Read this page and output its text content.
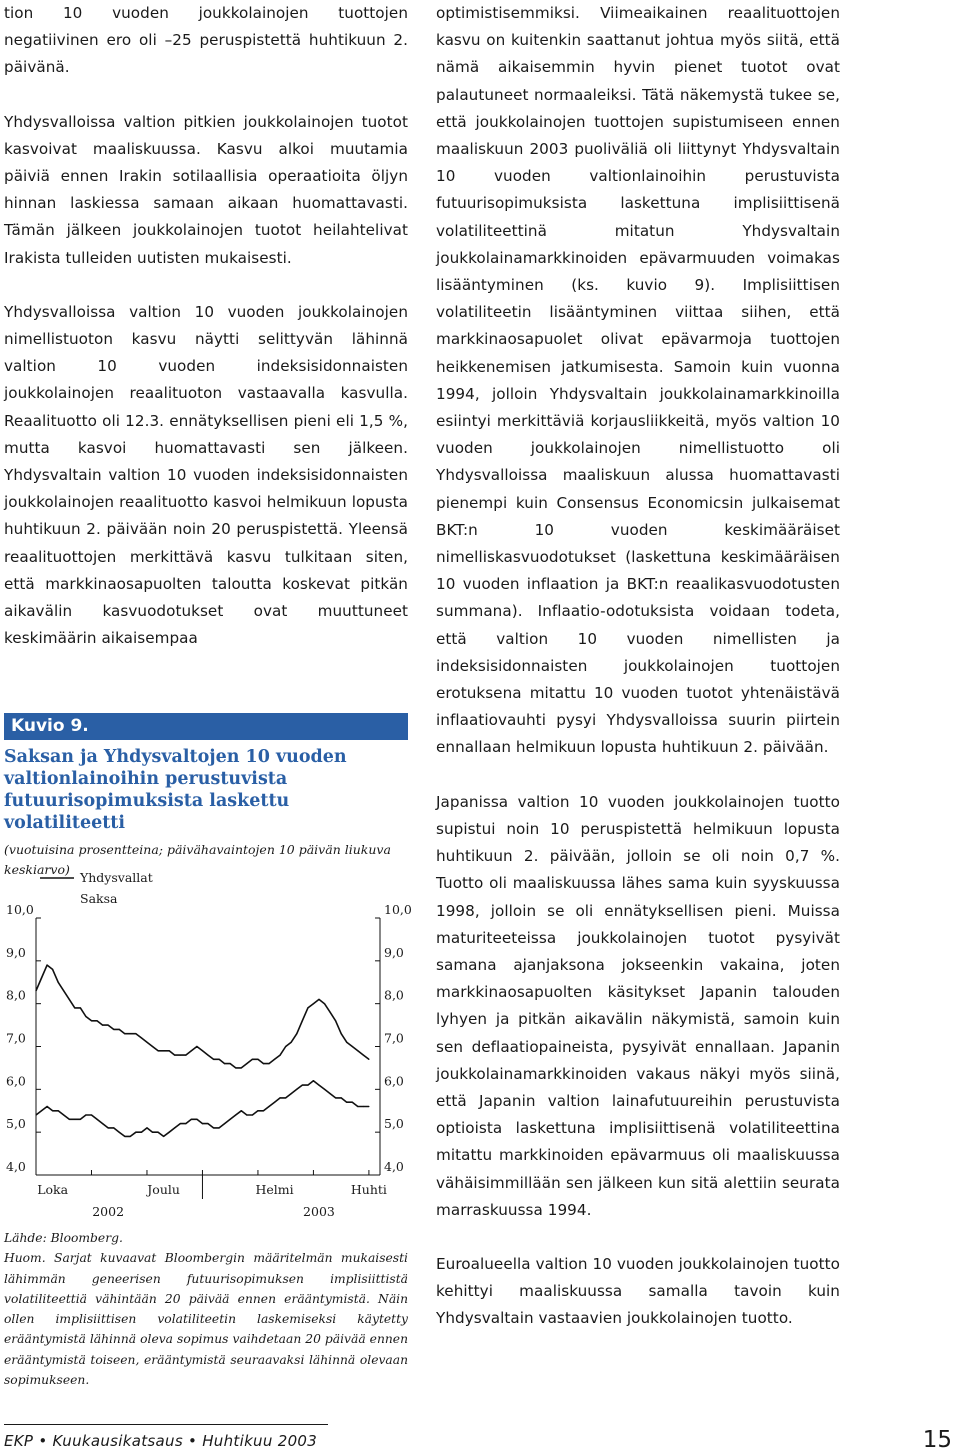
tion 10 vuoden joukkolainojen tuottojen negatiivinen ero oli –25 peruspistettä huhtikuun 2. päivänä.

Yhdysvalloissa valtion pitkien joukkolainojen tuotot kasvoivat maaliskuussa. Kasvu alkoi muutamia päiviä ennen Irakin sotilaallisia operaatioita öljyn hinnan laskiessa samaan aikaan huomattavasti. Tämän jälkeen joukkolainojen tuotot heilahtelivat Irakista tulleiden uutisten mukaisesti.

Yhdysvalloissa valtion 10 vuoden joukkolainojen nimellistuoton kasvu näytti selittyvän lähinnä valtion 10 vuoden indeksisidonnaisten joukkolainojen reaalituoton vastaavalla kasvulla. Reaalituotto oli 12.3. ennätyksellisen pieni eli 1,5 %, mutta kasvoi huomattavasti sen jälkeen. Yhdysvaltain valtion 10 vuoden indeksisidonnaisten joukkolainojen reaalituotto kasvoi helmikuun lopusta huhtikuun 2. päivään noin 20 peruspistettä. Yleensä reaalituottojen merkittävä kasvu tulkitaan siten, että markkinaosapuolten taloutta koskevat pitkän aikavälin kasvuodotukset ovat muuttuneet keskimäärin aikaisempaa

Kuvio 9.
Saksan ja Yhdysvaltojen 10 vuoden valtionlainoihin perustuvista futuurisopimuksista laskettu volatiliteetti
(vuotuisina prosentteina; päivähavaintojen 10 päivän liukuva keskiarvo)
10,0	10,0
9,0	9,0
8,0	8,0
7,0	7,0
6,0	6,0
5,0	5,0
4,0	4,0
Loka	Joulu	Helmi	Huhti
2002	2003
Yhdysvallat
Saksa

Lähde: Bloomberg.

Huom. Sarjat kuvaavat Bloombergin määritelmän mukaisesti lähimmän geneerisen futuurisopimuksen implisiittistä volatiliteettiä vähintään 20 päivää ennen erääntymistä. Näin ollen implisiittisen volatiliteetin laskemiseksi käytetty erääntymistä lähinnä oleva sopimus vaihdetaan 20 päivää ennen erääntymistä toiseen, erääntymistä seuraavaksi lähinnä olevaan sopimukseen.

optimistisemmiksi. Viimeaikainen reaalituottojen kasvu on kuitenkin saattanut johtua myös siitä, että nämä aikaisemmin hyvin pienet tuotot ovat palautuneet normaaleiksi. Tätä näkemystä tukee se, että joukkolainojen tuottojen supistumiseen ennen maaliskuun 2003 puoliväliä oli liittynyt Yhdysvaltain 10 vuoden valtionlainoihin perustuvista futuurisopimuksista laskettuna implisiittisenä volatiliteettinä mitatun Yhdysvaltain joukkolainamarkkinoiden epävarmuuden voimakas lisääntyminen (ks. kuvio 9). Implisiittisen volatiliteetin lisääntyminen viittaa siihen, että markkinaosapuolet olivat epävarmoja tuottojen heikkenemisen jatkumisesta. Samoin kuin vuonna 1994, jolloin Yhdysvaltain joukkolainamarkkinoilla esiintyi merkittäviä korjausliikkeitä, myös valtion 10 vuoden joukkolainojen nimellistuotto oli Yhdysvalloissa maaliskuun alussa huomattavasti pienempi kuin Consensus Economicsin julkaisemat BKT:n 10 vuoden keskimääräiset nimelliskasvuodotukset (laskettuna keskimääräisen 10 vuoden inflaation ja BKT:n reaalikasvuodotusten summana). Inflaatio-odotuksista voidaan todeta, että valtion 10 vuoden nimellisten ja indeksisidonnaisten joukkolainojen tuottojen erotuksena mitattu 10 vuoden tuotot yhtenäistävä inflaatiovauhti pysyi Yhdysvalloissa suurin piirtein ennallaan helmikuun lopusta huhtikuun 2. päivään.

Japanissa valtion 10 vuoden joukkolainojen tuotto supistui noin 10 peruspistettä helmikuun lopusta huhtikuun 2. päivään, jolloin se oli noin 0,7 %. Tuotto oli maaliskuussa lähes sama kuin syyskuussa 1998, jolloin se oli ennätyksellisen pieni. Muissa maturiteeteissa joukkolainojen tuotot pysyivät samana ajanjaksona jokseenkin vakaina, joten markkinaosapuolten käsitykset Japanin talouden lyhyen ja pitkän aikavälin näkymistä, samoin kuin sen deflaatiopaineista, pysyivät ennallaan. Japanin joukkolainamarkkinoiden vakaus näkyi myös siinä, että Japanin valtion lainafutuureihin perustuvista optioista laskettuna implisiittisenä volatiliteettina mitattu markkinoiden epävarmuus oli maaliskuussa vähäisimmillään sen jälkeen kun sitä alettiin seurata marraskuussa 1994.

Euroalueella valtion 10 vuoden joukkolainojen tuotto kehittyi maaliskuussa samalla tavoin kuin Yhdysvaltain vastaavien joukkolainojen tuotto.

EKP • Kuukausikatsaus • Huhtikuu 2003	15
